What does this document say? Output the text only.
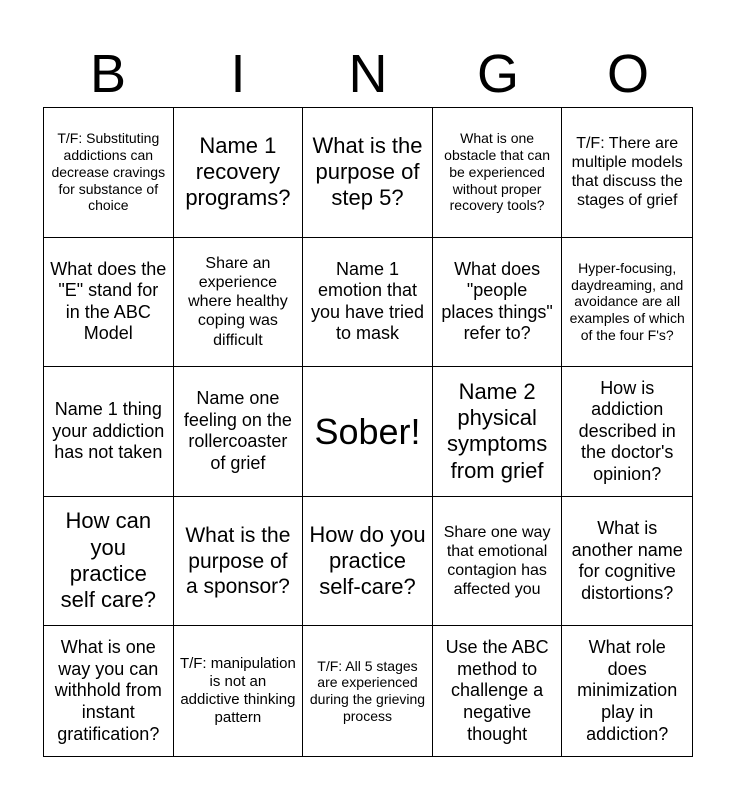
B	I	N	G	O
T/F: Substituting addictions can decrease cravings for substance of choice
Name 1 recovery programs?
What is the purpose of step 5?
What is one obstacle that can be experienced without proper recovery tools?
T/F: There are multiple models that discuss the stages of grief
What does the "E" stand for in the ABC Model
Share an experience where healthy coping was difficult
Name 1 emotion that you have tried to mask
What does "people places things" refer to?
Hyper-focusing, daydreaming, and avoidance are all examples of which of the four F's?
Name 1 thing your addiction has not taken
Name one feeling on the rollercoaster of grief
Sober!
Name 2 physical symptoms from grief
How is addiction described in the doctor's opinion?
How can you practice self care?
What is the purpose of a sponsor?
How do you practice self-care?
Share one way that emotional contagion has affected you
What is another name for cognitive distortions?
What is one way you can withhold from instant gratification?
T/F: manipulation is not an addictive thinking pattern
T/F: All 5 stages are experienced during the grieving process
Use the ABC method to challenge a negative thought
What role does minimization play in addiction?
